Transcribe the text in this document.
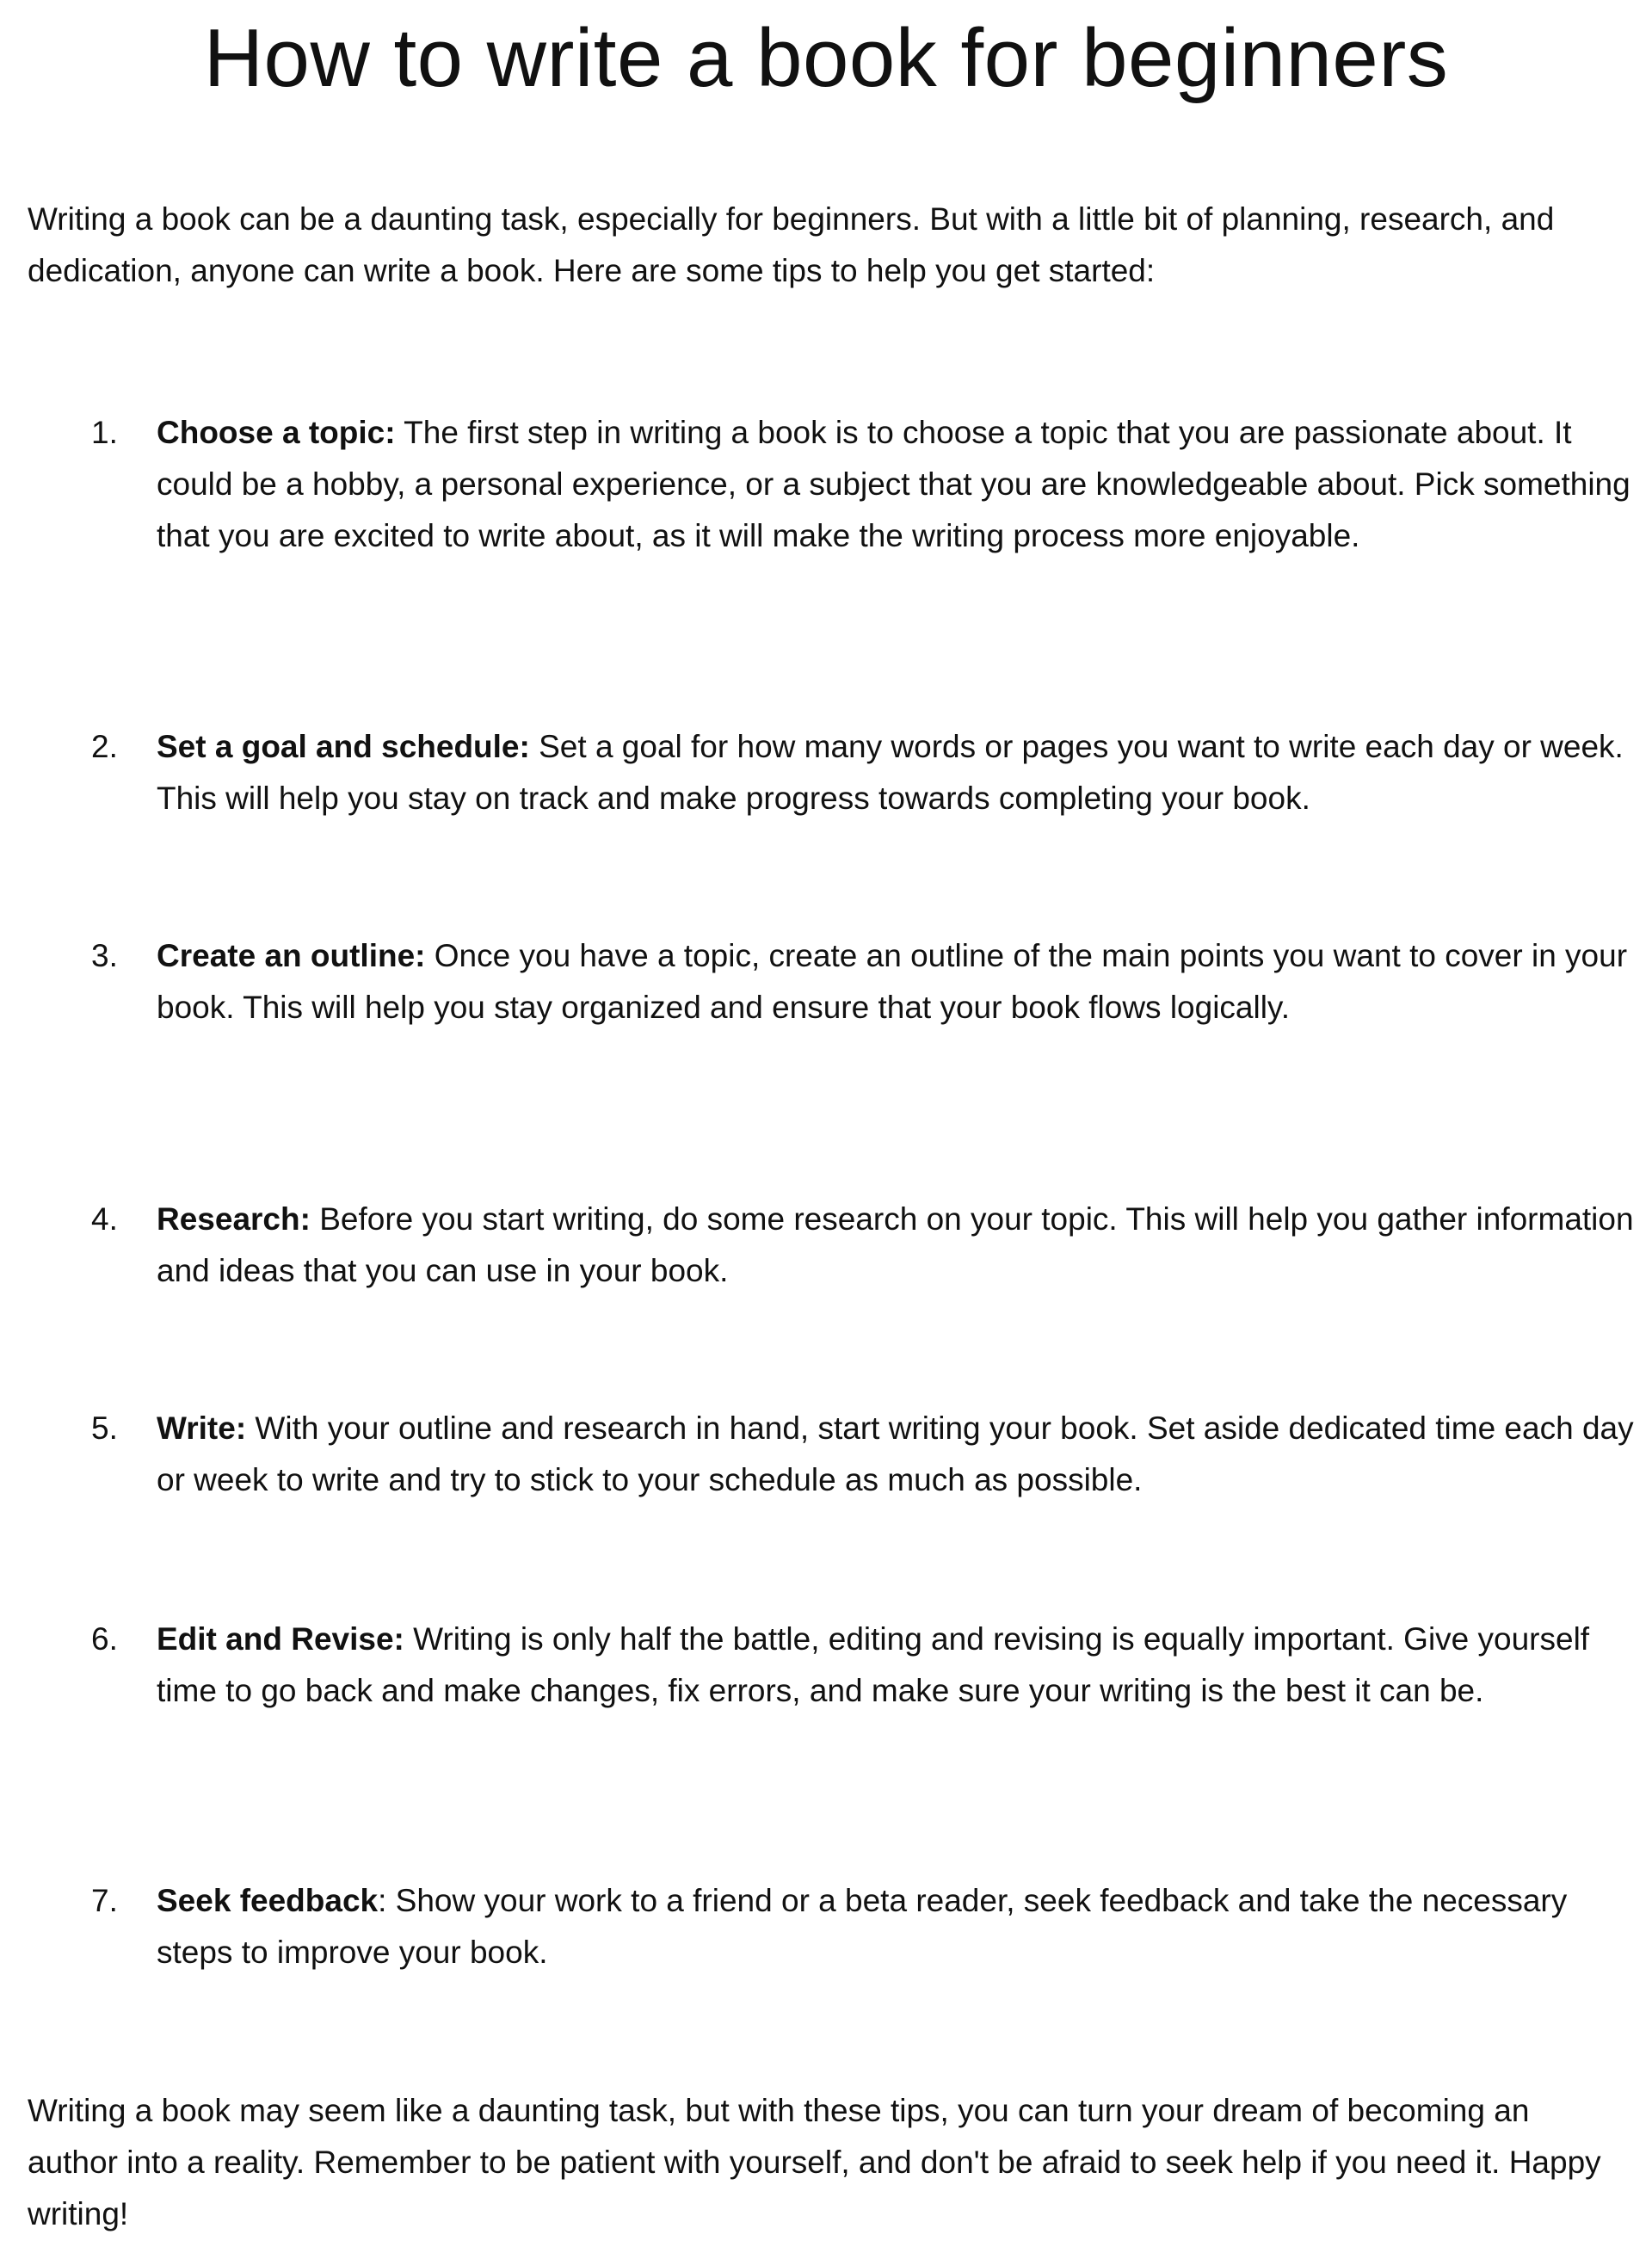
How to write a book for beginners

Writing a book can be a daunting task, especially for beginners. But with a little bit of planning, research, and dedication, anyone can write a book. Here are some tips to help you get started:

1.	Choose a topic: The first step in writing a book is to choose a topic that you are passionate about. It could be a hobby, a personal experience, or a subject that you are knowledgeable about. Pick something that you are excited to write about, as it will make the writing process more enjoyable.

2.	Set a goal and schedule: Set a goal for how many words or pages you want to write each day or week. This will help you stay on track and make progress towards completing your book.

3.	Create an outline: Once you have a topic, create an outline of the main points you want to cover in your book. This will help you stay organized and ensure that your book flows logically.

4.	Research: Before you start writing, do some research on your topic. This will help you gather information and ideas that you can use in your book.

5.	Write: With your outline and research in hand, start writing your book. Set aside dedicated time each day or week to write and try to stick to your schedule as much as possible.

6.	Edit and Revise: Writing is only half the battle, editing and revising is equally important. Give yourself time to go back and make changes, fix errors, and make sure your writing is the best it can be.

7.	Seek feedback: Show your work to a friend or a beta reader, seek feedback and take the necessary steps to improve your book.

Writing a book may seem like a daunting task, but with these tips, you can turn your dream of becoming an author into a reality. Remember to be patient with yourself, and don't be afraid to seek help if you need it. Happy writing!
